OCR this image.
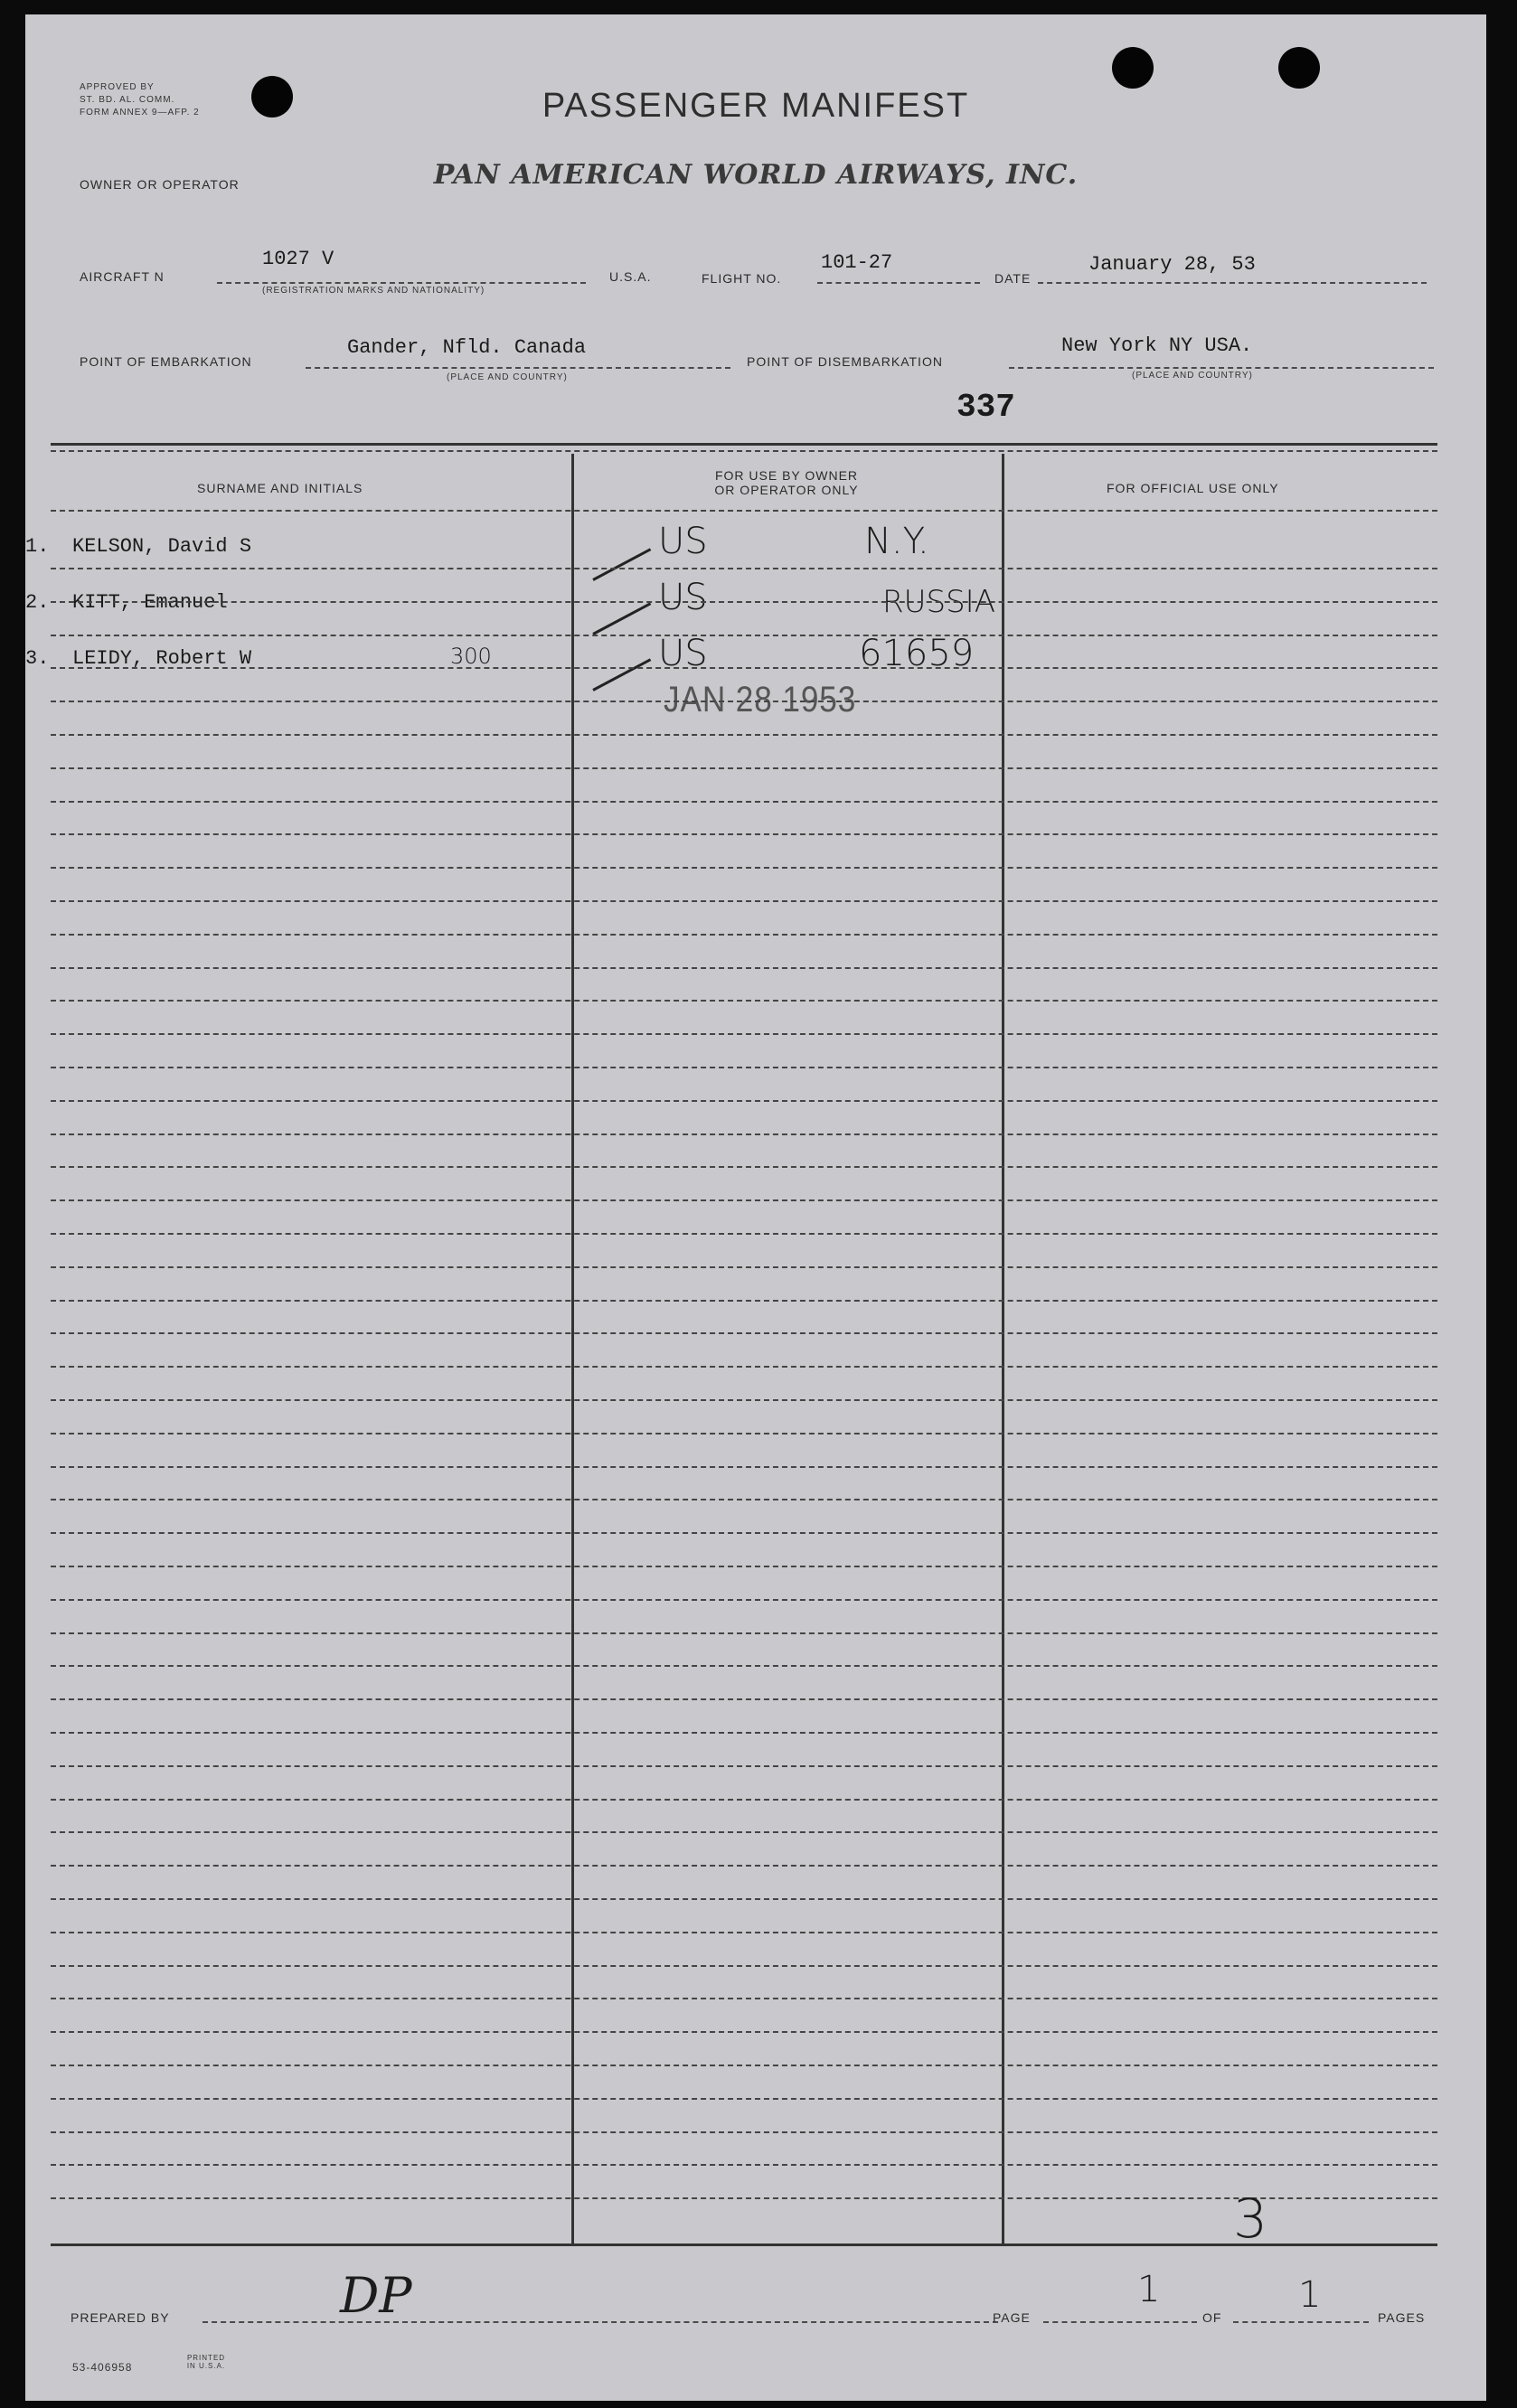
APPROVED BY
ST. BD. AL. COMM.
FORM ANNEX 9—AFP. 2	PASSENGER MANIFEST
OWNER OR OPERATOR	PAN AMERICAN WORLD AIRWAYS, INC.
AIRCRAFT N
1027 V
(REGISTRATION MARKS AND NATIONALITY)
U.S.A.	FLIGHT NO.
101-27
DATE
January 28, 53
POINT OF EMBARKATION
Gander, Nfld. Canada
(PLACE AND COUNTRY)
POINT OF DISEMBARKATION
New York NY USA.
(PLACE AND COUNTRY)
337
SURNAME AND INITIALS
FOR USE BY OWNER
OR OPERATOR ONLY	FOR OFFICIAL USE ONLY
1. KELSON, David S	US	N.Y.
2. KITT, Emanuel	US	RUSSIA
3. LEIDY, Robert W	300	US	61659
JAN 28 1953
3
PREPARED BY	DP	PAGE
1
OF
1
PAGES
53-406958
PRINTED IN U.S.A.
